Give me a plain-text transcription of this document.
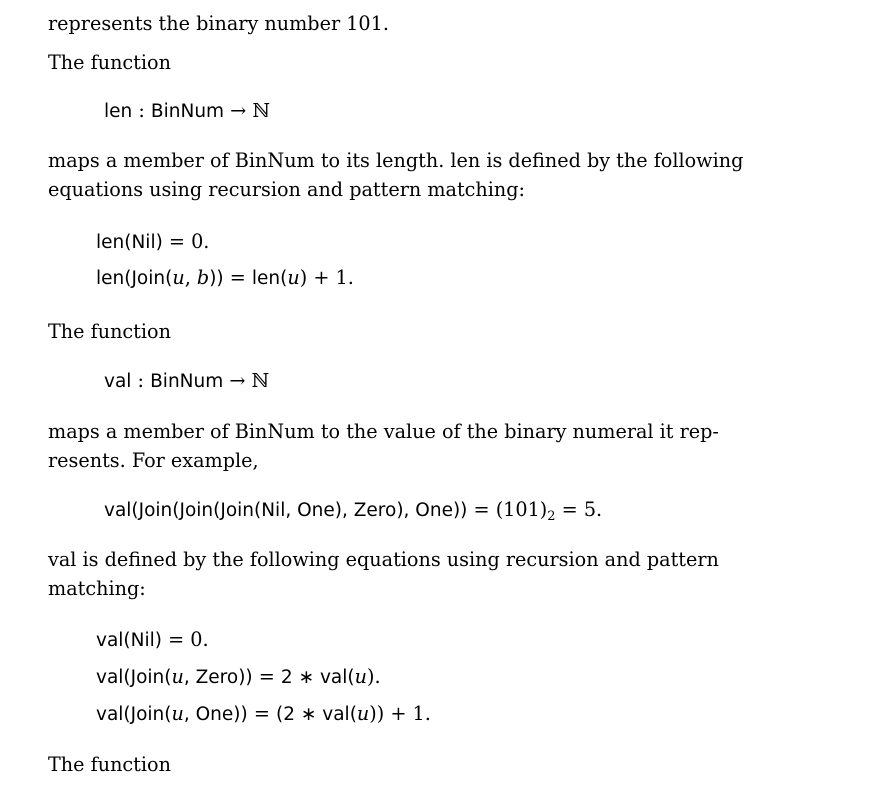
represents the binary number 101.
The function
len : BinNum → ℕ
maps a member of BinNum to its length. len is defined by the following
equations using recursion and pattern matching:
len(Nil) = 0.
len(Join(u, b)) = len(u) + 1.
The function
val : BinNum → ℕ
maps a member of BinNum to the value of the binary numeral it rep-
resents. For example,
val(Join(Join(Join(Nil, One), Zero), $One)) = (101)_2 = 5$.
val is defined by the following equations using recursion and pattern
matching:
val(Nil) = 0.
val(Join(u, Zero)) = 2 ∗ val(u).
val(Join(u, One)) = (2 ∗ val(u)) + 1.
The function
